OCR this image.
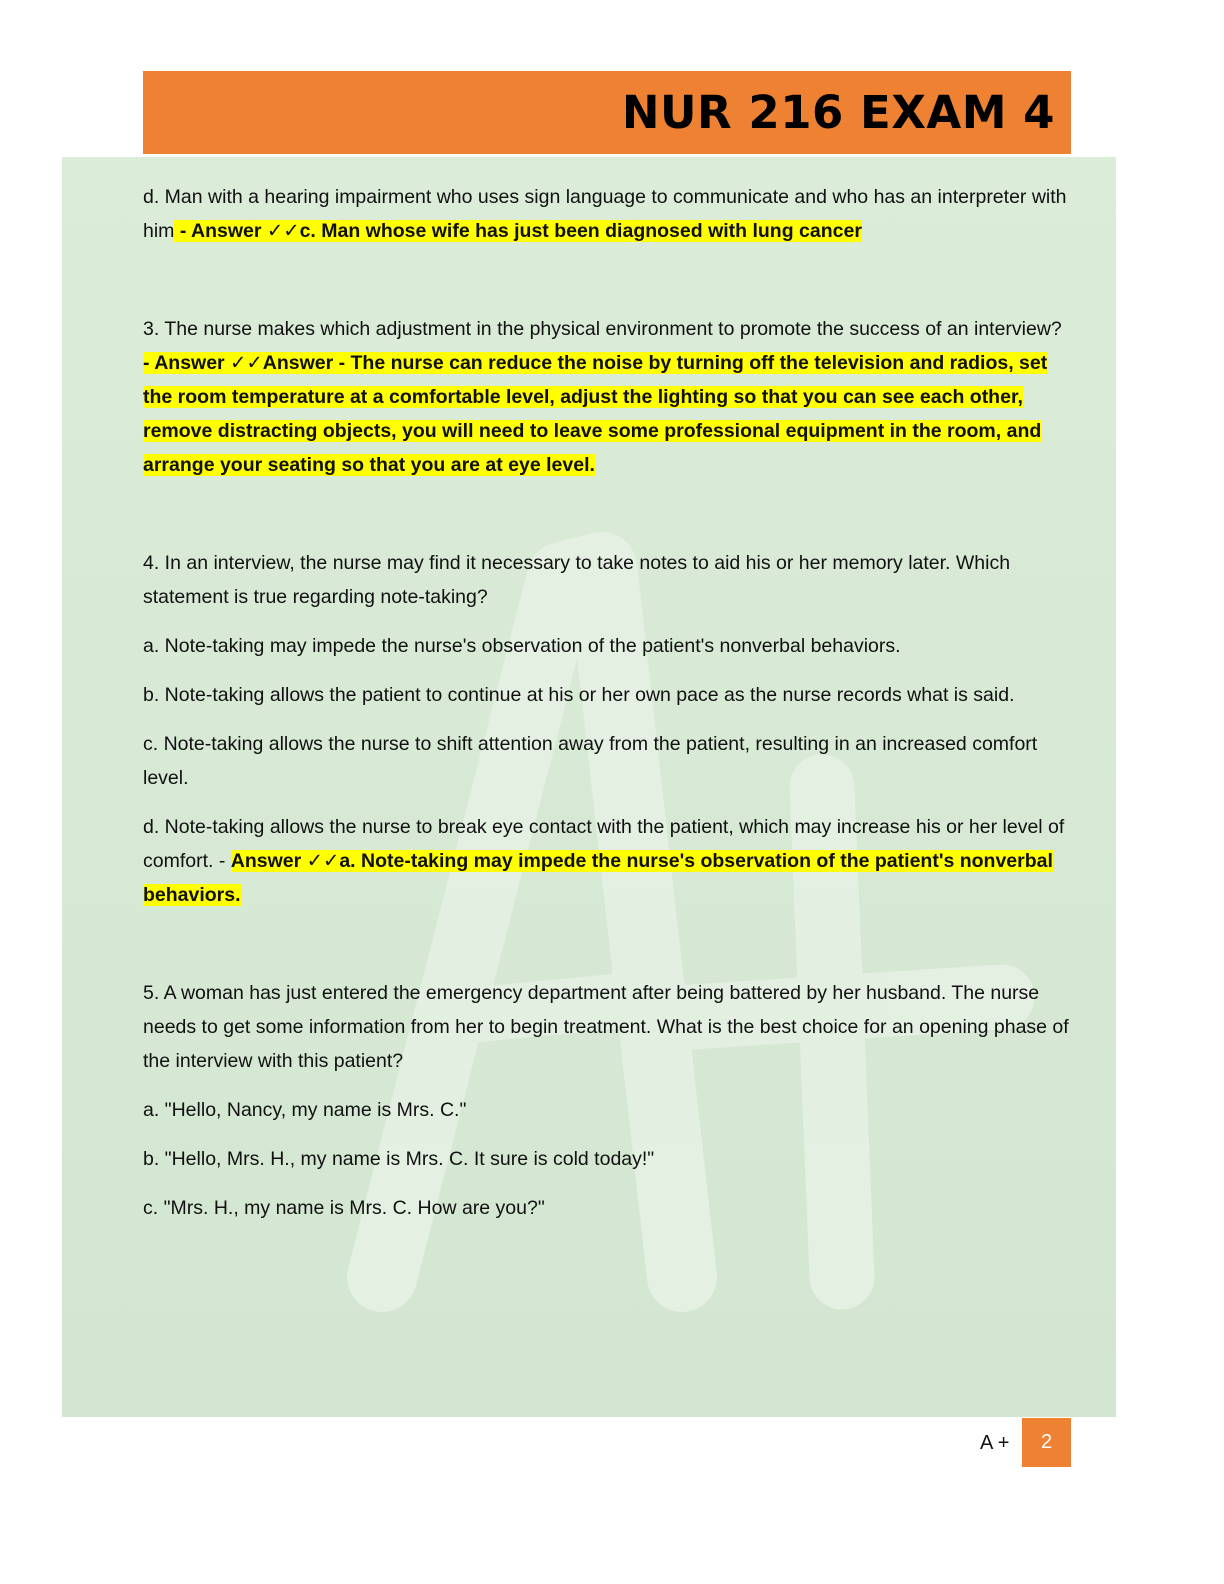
NUR 216 EXAM 4

d. Man with a hearing impairment who uses sign language to communicate and who has an interpreter with him - Answer ✓✓c. Man whose wife has just been diagnosed with lung cancer

3. The nurse makes which adjustment in the physical environment to promote the success of an interview? - Answer ✓✓Answer - The nurse can reduce the noise by turning off the television and radios, set the room temperature at a comfortable level, adjust the lighting so that you can see each other, remove distracting objects, you will need to leave some professional equipment in the room, and arrange your seating so that you are at eye level.

4. In an interview, the nurse may find it necessary to take notes to aid his or her memory later. Which statement is true regarding note-taking?

a. Note-taking may impede the nurse's observation of the patient's nonverbal behaviors.

b. Note-taking allows the patient to continue at his or her own pace as the nurse records what is said.

c. Note-taking allows the nurse to shift attention away from the patient, resulting in an increased comfort level.

d. Note-taking allows the nurse to break eye contact with the patient, which may increase his or her level of comfort. - Answer ✓✓a. Note-taking may impede the nurse's observation of the patient's nonverbal behaviors.

5. A woman has just entered the emergency department after being battered by her husband. The nurse needs to get some information from her to begin treatment. What is the best choice for an opening phase of the interview with this patient?

a. "Hello, Nancy, my name is Mrs. C."

b. "Hello, Mrs. H., my name is Mrs. C. It sure is cold today!"

c. "Mrs. H., my name is Mrs. C. How are you?"

A +	2
